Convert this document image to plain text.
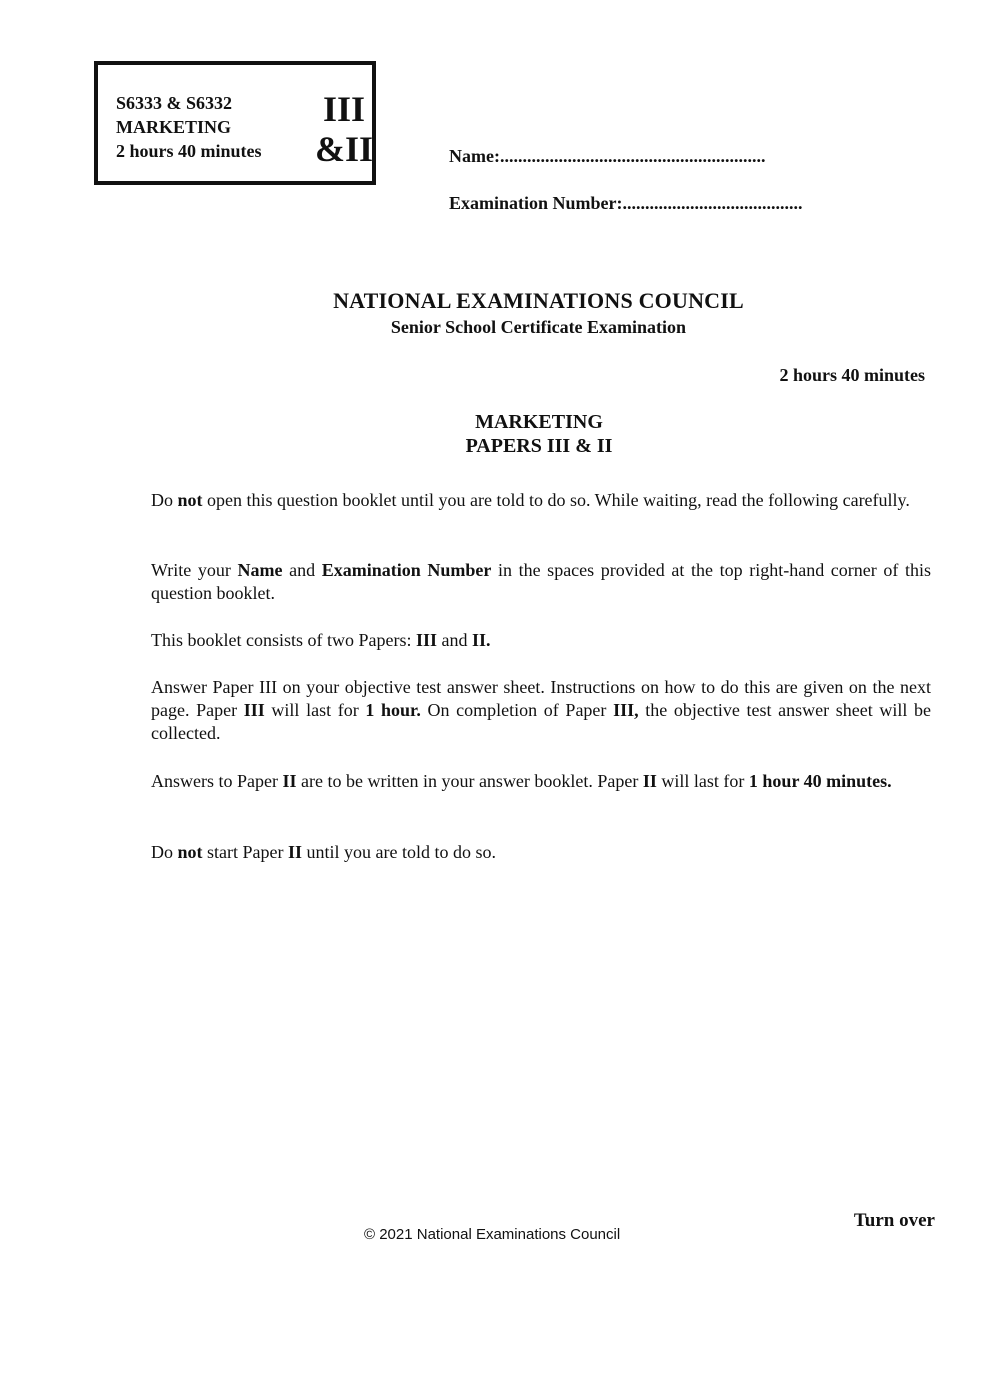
S6333 & S6332
MARKETING
2 hours 40 minutes
III
&II	Name:...........................................................
Examination Number:........................................
NATIONAL EXAMINATIONS COUNCIL
Senior School Certificate Examination
2 hours 40 minutes
MARKETING
PAPERS III & II
Do not open this question booklet until you are told to do so. While waiting, read the following carefully.
Write your Name and Examination Number in the spaces provided at the top right-hand corner of this question booklet.
This booklet consists of two Papers: III and II.
Answer Paper III on your objective test answer sheet. Instructions on how to do this are given on the next page. Paper III will last for 1 hour. On completion of Paper III, the objective test answer sheet will be collected.
Answers to Paper II are to be written in your answer booklet. Paper II will last for 1 hour 40 minutes.
Do not start Paper II until you are told to do so.
© 2021 National Examinations Council
Turn over
